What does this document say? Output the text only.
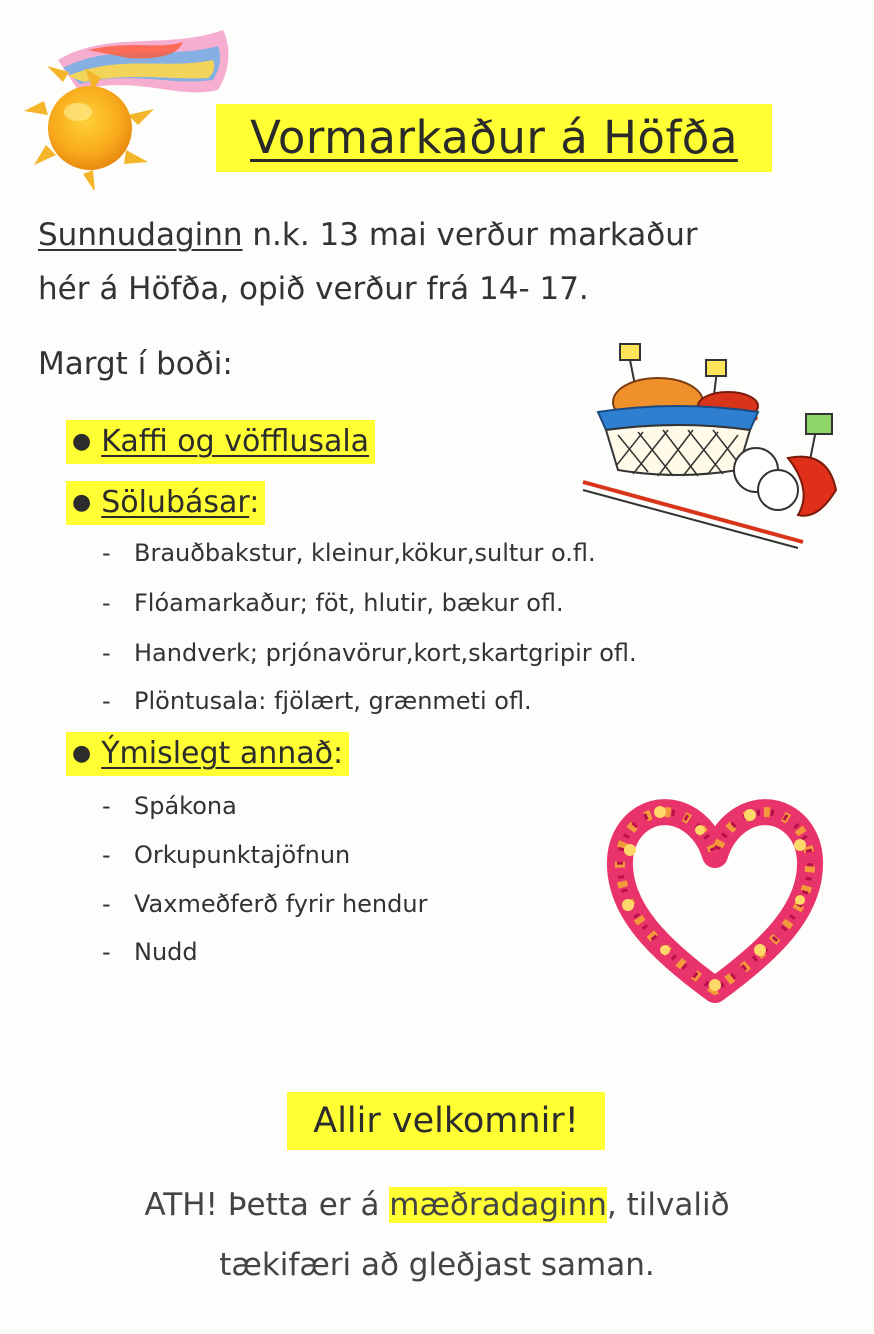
Vormarkaður á Höfða
Sunnudaginn n.k. 13 mai verður markaður
hér á Höfða, opið verður frá 14- 17.
Margt í boði:
● Kaffi og vöfflusala
● Sölubásar:
- Brauðbakstur, kleinur,kökur,sultur o.fl.
- Flóamarkaður; föt, hlutir, bækur ofl.
- Handverk; prjónavörur,kort,skartgripir ofl.
- Plöntusala: fjölært, grænmeti ofl.
● Ýmislegt annað:
- Spákona
- Orkupunktajöfnun
- Vaxmeðferð fyrir hendur
- Nudd
Allir velkomnir!
ATH! Þetta er á mæðradaginn, tilvalið
tækifæri að gleðjast saman.
